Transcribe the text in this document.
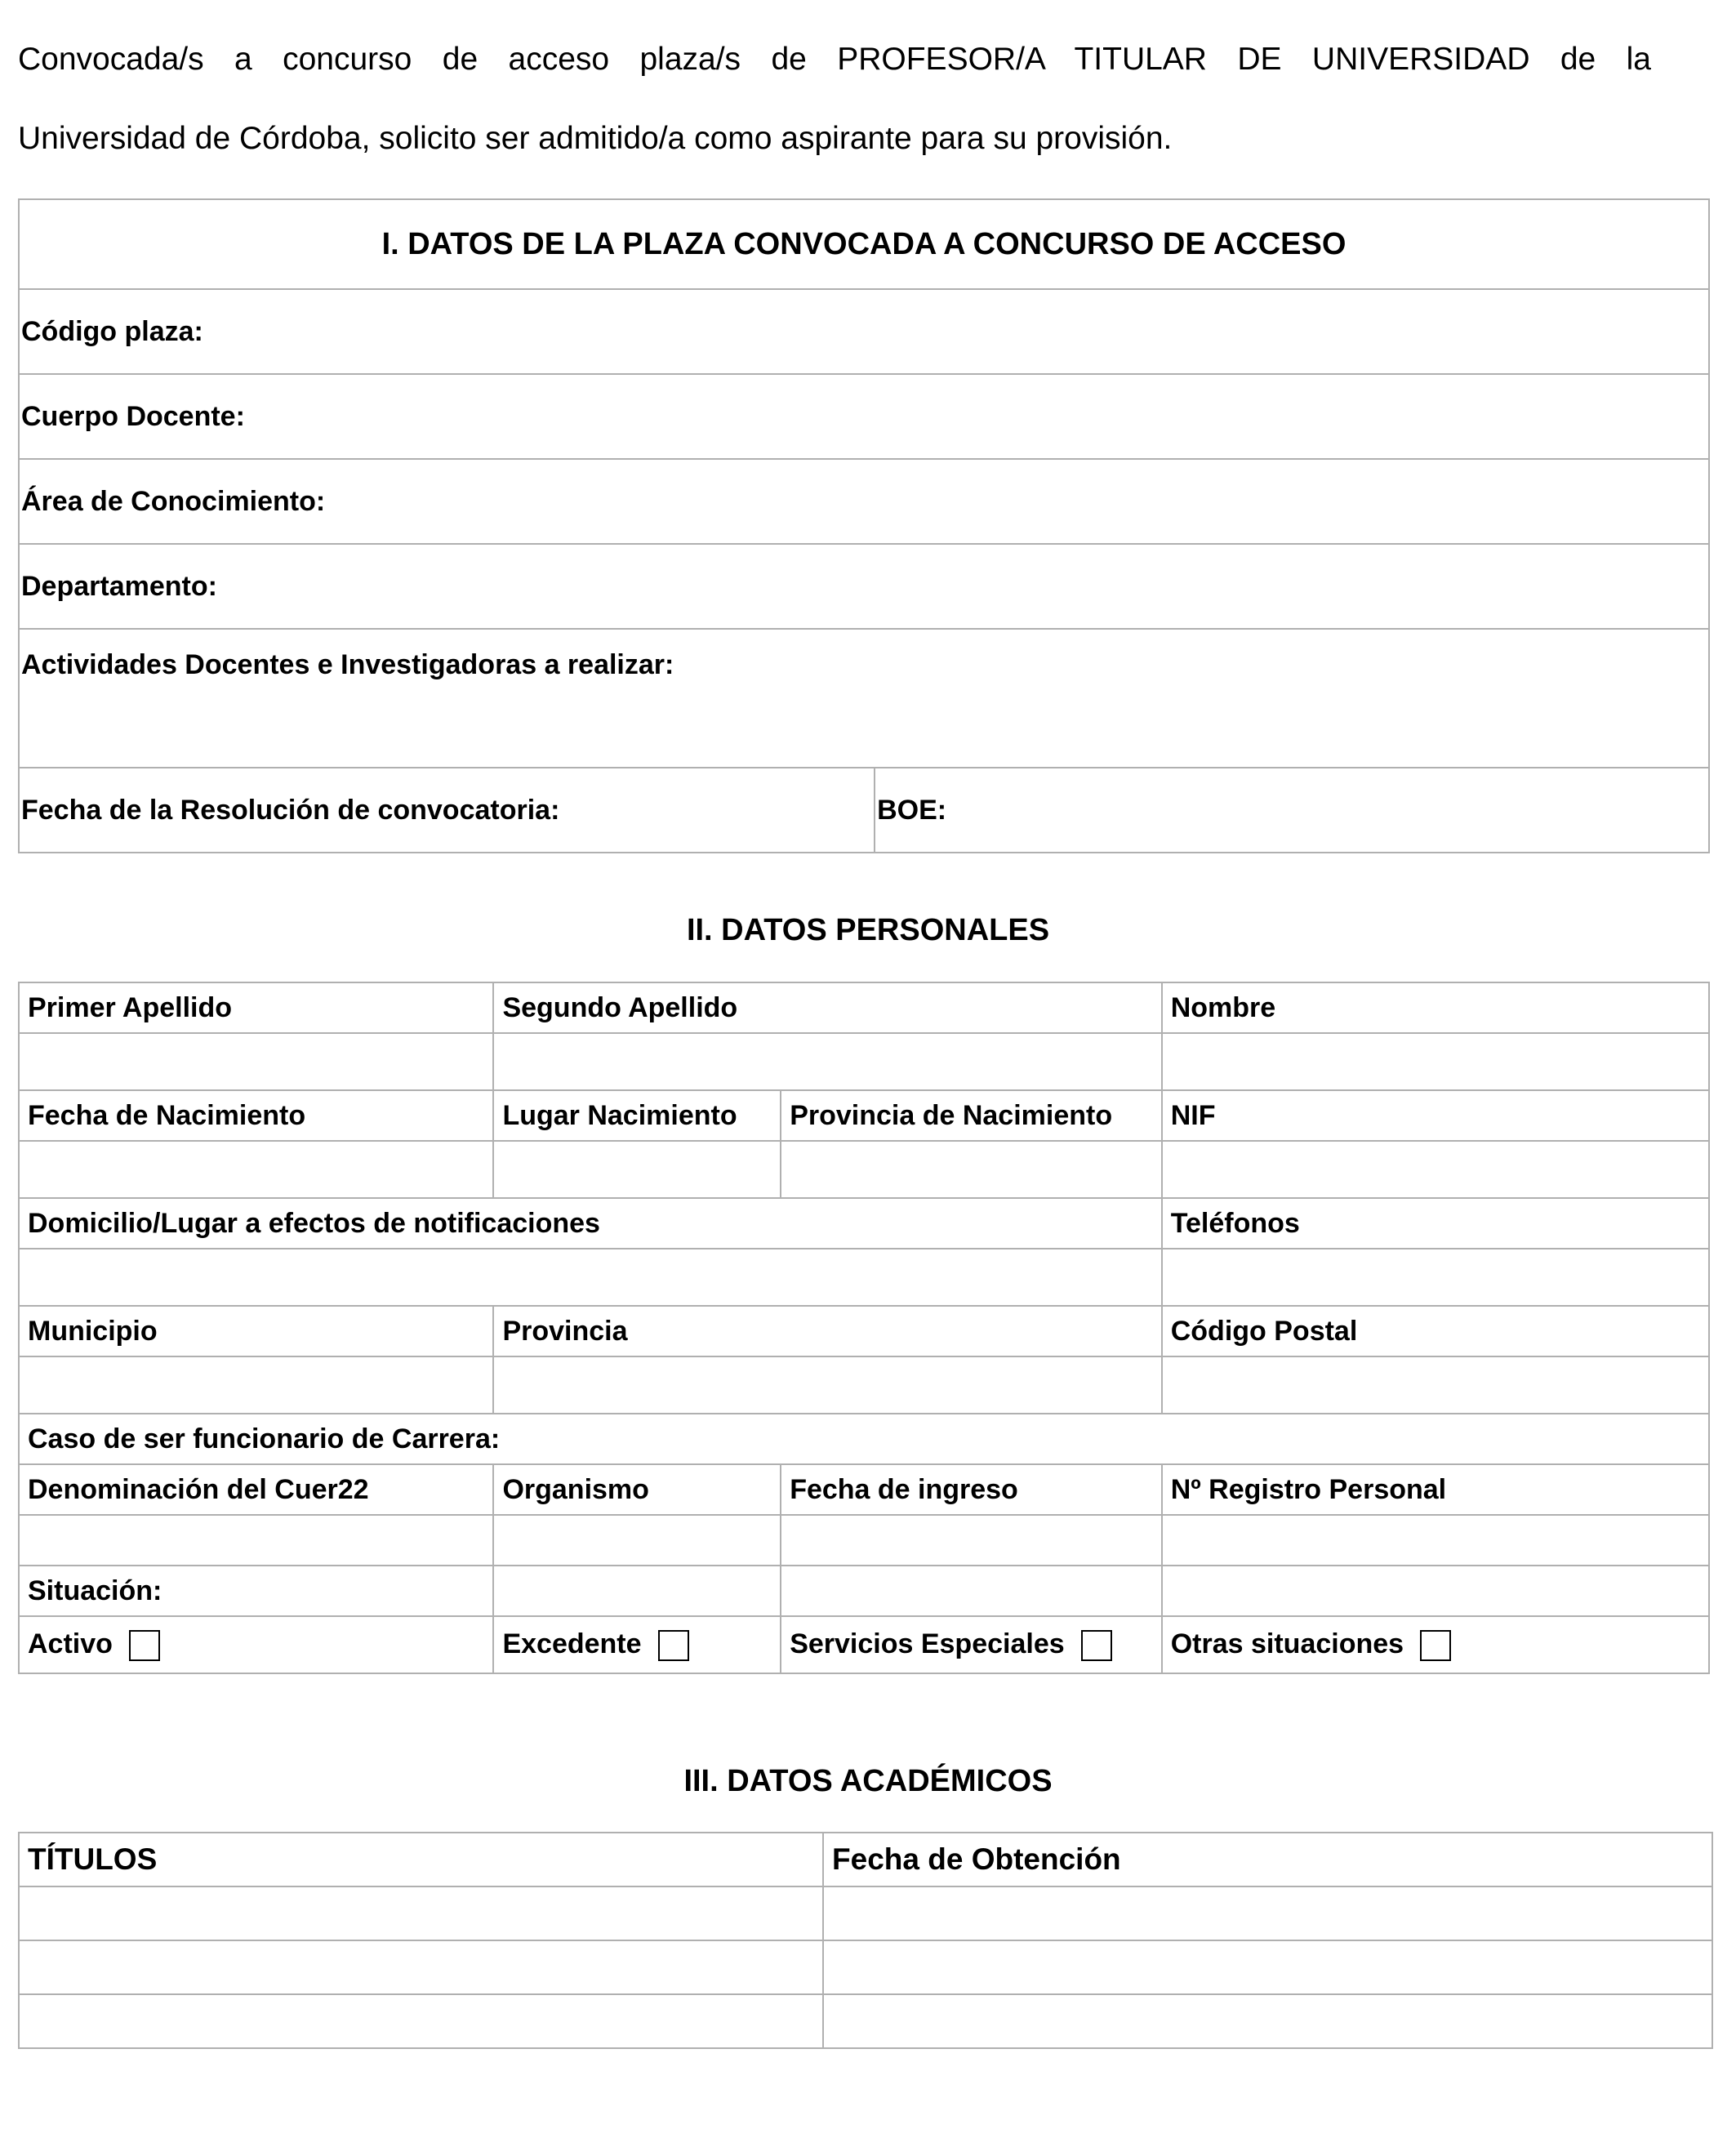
Convocada/s a concurso de acceso plaza/s de PROFESOR/A TITULAR DE UNIVERSIDAD de la
Universidad de Córdoba, solicito ser admitido/a como aspirante para su provisión.
I. DATOS DE LA PLAZA CONVOCADA A CONCURSO DE ACCESO
Código plaza:
Cuerpo Docente:
Área de Conocimiento:
Departamento:
Actividades Docentes e Investigadoras a realizar:
Fecha de la Resolución de convocatoria:	BOE:
II. DATOS PERSONALES
Primer Apellido	Segundo Apellido		Nombre

Fecha de Nacimiento	Lugar Nacimiento	Provincia de Nacimiento	NIF

Domicilio/Lugar a efectos de notificaciones			Teléfonos

Municipio	Provincia		Código Postal

Caso de ser funcionario de Carrera:			
Denominación del Cuer22	Organismo	Fecha de ingreso	Nº Registro Personal

Situación:			
Activo	Excedente	Servicios Especiales	Otras situaciones
III. DATOS ACADÉMICOS
TÍTULOS	Fecha de Obtención
